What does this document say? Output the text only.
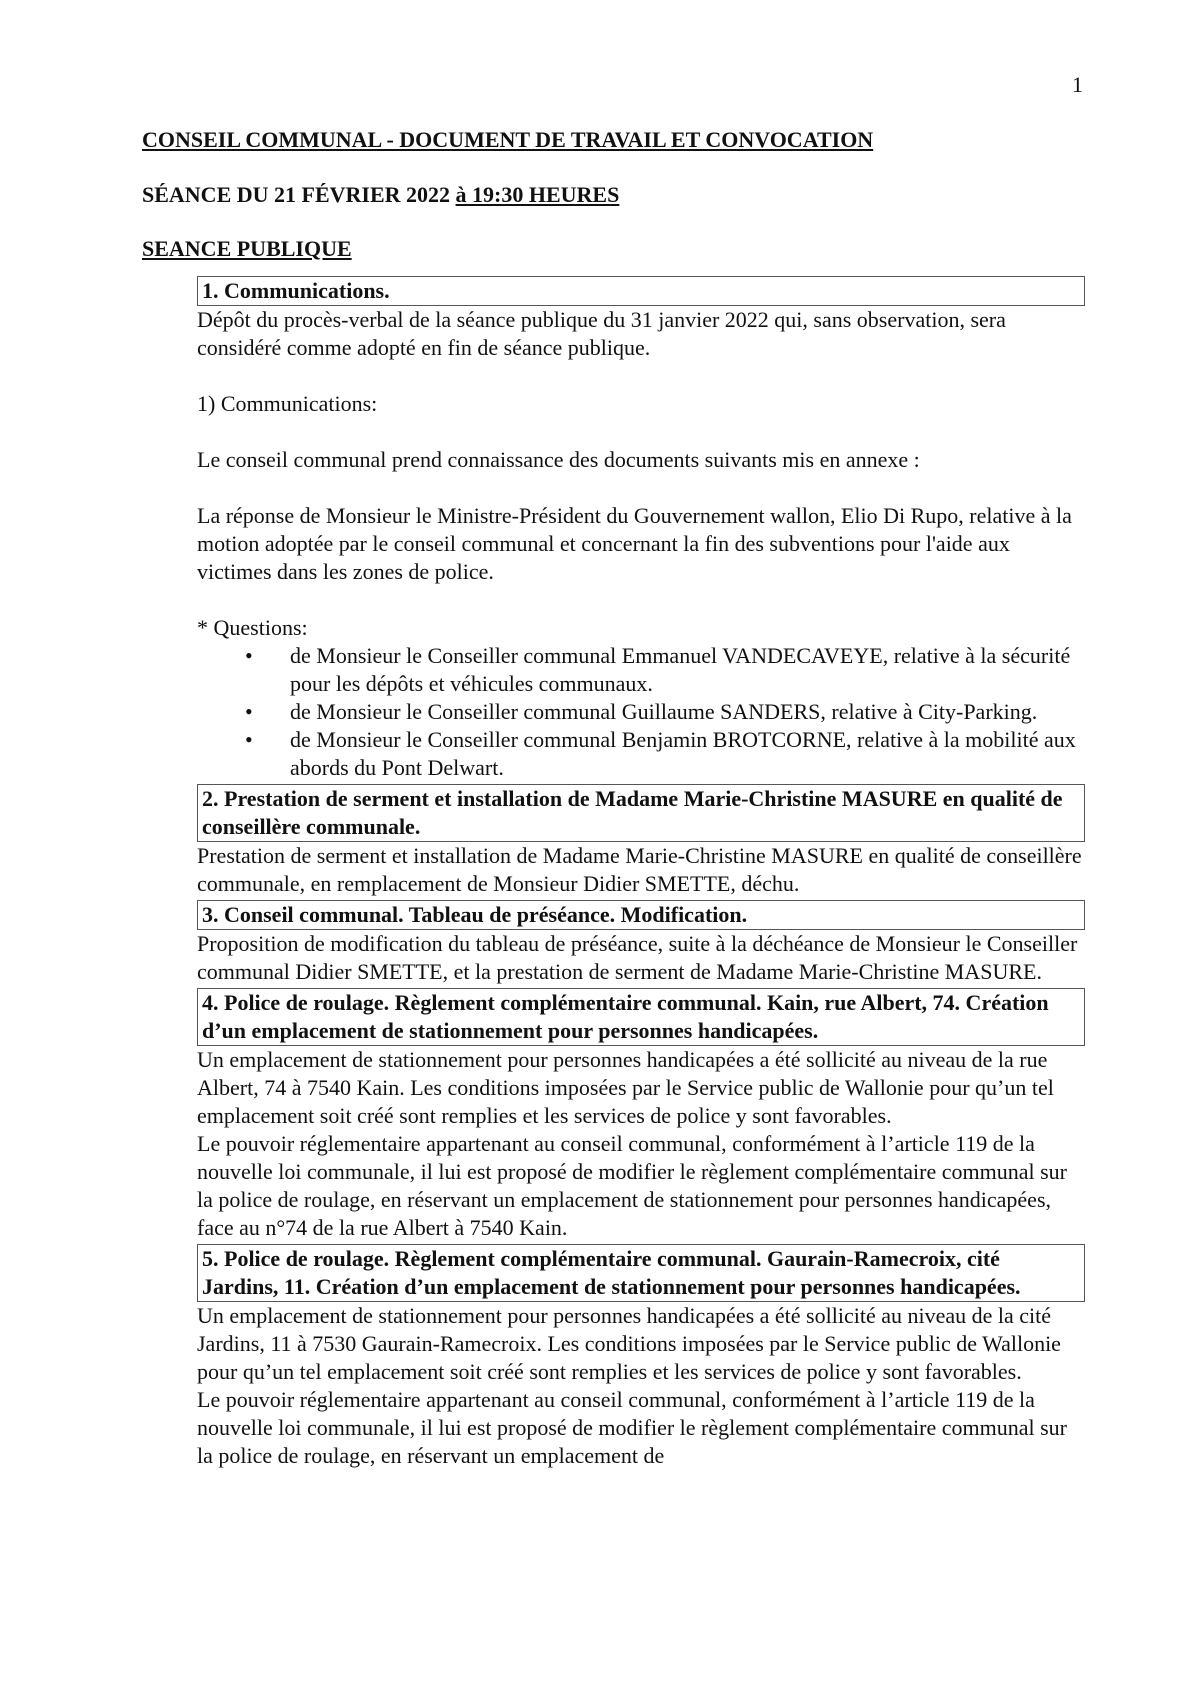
1
CONSEIL COMMUNAL - DOCUMENT DE TRAVAIL ET CONVOCATION
SÉANCE DU 21 FÉVRIER 2022 à 19:30 HEURES
SEANCE PUBLIQUE
1. Communications.

Dépôt du procès-verbal de la séance publique du 31 janvier 2022 qui, sans observation, sera considéré comme adopté en fin de séance publique.

1) Communications:

Le conseil communal prend connaissance des documents suivants mis en annexe :

La réponse de Monsieur le Ministre-Président du Gouvernement wallon, Elio Di Rupo, relative à la motion adoptée par le conseil communal et concernant la fin des subventions pour l'aide aux victimes dans les zones de police.

* Questions:

• de Monsieur le Conseiller communal Emmanuel VANDECAVEYE, relative à la sécurité pour les dépôts et véhicules communaux.
• de Monsieur le Conseiller communal Guillaume SANDERS, relative à City-Parking.
• de Monsieur le Conseiller communal Benjamin BROTCORNE, relative à la mobilité aux abords du Pont Delwart.
2. Prestation de serment et installation de Madame Marie-Christine MASURE en qualité de conseillère communale.

Prestation de serment et installation de Madame Marie-Christine MASURE en qualité de conseillère communale, en remplacement de Monsieur Didier SMETTE, déchu.

3. Conseil communal. Tableau de préséance. Modification.

Proposition de modification du tableau de préséance, suite à la déchéance de Monsieur le Conseiller communal Didier SMETTE, et la prestation de serment de Madame Marie-Christine MASURE.

4. Police de roulage. Règlement complémentaire communal. Kain, rue Albert, 74. Création d’un emplacement de stationnement pour personnes handicapées.

Un emplacement de stationnement pour personnes handicapées a été sollicité au niveau de la rue Albert, 74 à 7540 Kain. Les conditions imposées par le Service public de Wallonie pour qu’un tel emplacement soit créé sont remplies et les services de police y sont favorables.

Le pouvoir réglementaire appartenant au conseil communal, conformément à l’article 119 de la nouvelle loi communale, il lui est proposé de modifier le règlement complémentaire communal sur la police de roulage, en réservant un emplacement de stationnement pour personnes handicapées, face au n°74 de la rue Albert à 7540 Kain.

5. Police de roulage. Règlement complémentaire communal. Gaurain-Ramecroix, cité Jardins, 11. Création d’un emplacement de stationnement pour personnes handicapées.

Un emplacement de stationnement pour personnes handicapées a été sollicité au niveau de la cité Jardins, 11 à 7530 Gaurain-Ramecroix. Les conditions imposées par le Service public de Wallonie pour qu’un tel emplacement soit créé sont remplies et les services de police y sont favorables.

Le pouvoir réglementaire appartenant au conseil communal, conformément à l’article 119 de la nouvelle loi communale, il lui est proposé de modifier le règlement complémentaire communal sur la police de roulage, en réservant un emplacement de
